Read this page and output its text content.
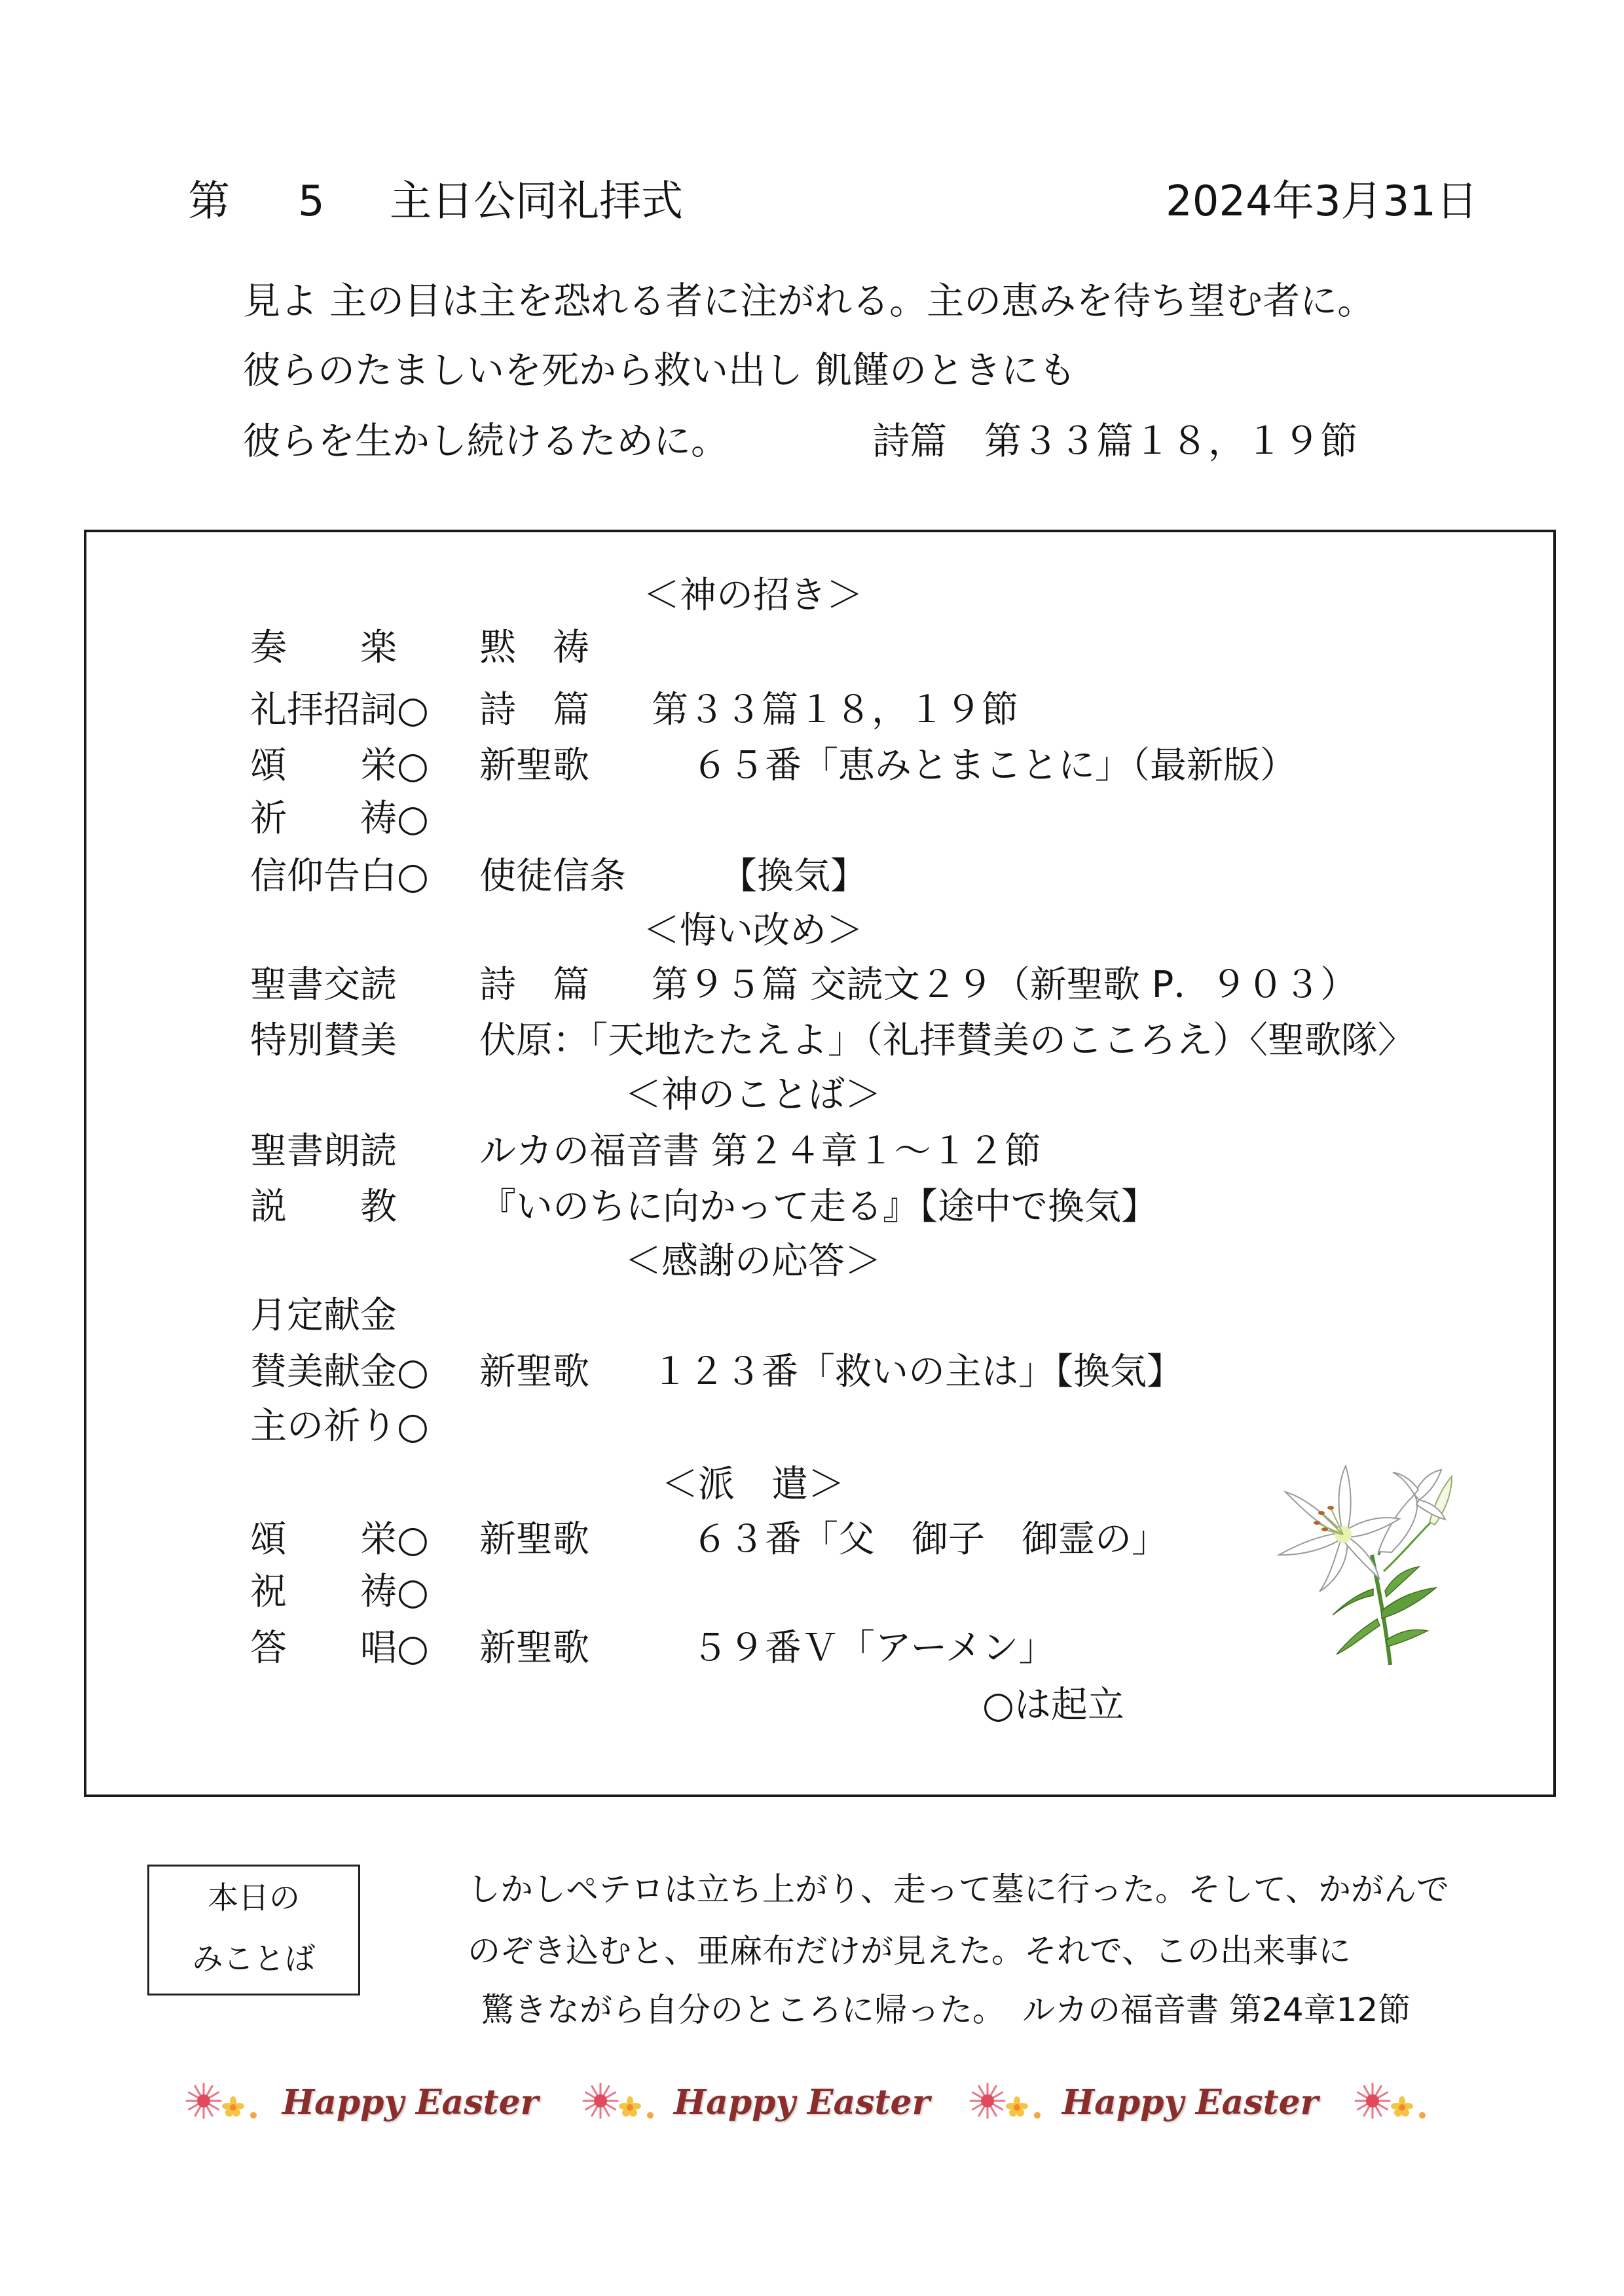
第 5 主日公同礼拝式	2024年3月31日
見よ 主の目は主を恐れる者に注がれる。主の恵みを待ち望む者に。
彼らのたましいを死から救い出し 飢饉のときにも
彼らを生かし続けるために。	詩篇　第３３篇１８，１９節
＜神の招き＞
奏　　楽 黙　祷
礼拝招詞○ 詩　篇 第３３篇１８，１９節
頌　　栄○ 新聖歌	６５番「恵みとまことに」（最新版）
祈　　祷○
信仰告白○ 使徒信条	【換気】
＜悔い改め＞
聖書交読 詩　篇 第９５篇 交読文２９（新聖歌 P．９０３）
特別賛美 伏原：「天地たたえよ」（礼拝賛美のこころえ）〈聖歌隊〉
＜神のことば＞
聖書朗読 ルカの福音書 第２４章１～１２節
説　　教 『いのちに向かって走る』【途中で換気】
＜感謝の応答＞
月定献金
賛美献金○ 新聖歌 １２３番「救いの主は」【換気】
主の祈り○
＜派　遣＞
頌　　栄○ 新聖歌	６３番「父　御子　御霊の」
祝　　祷○
答　　唱○ 新聖歌	５９番Ｖ「アーメン」
○は起立
本日の
みことば
しかしペテロは立ち上がり、走って墓に行った。そして、かがんで
のぞき込むと、亜麻布だけが見えた。それで、この出来事に
驚きながら自分のところに帰った。 ルカの福音書 第24章12節
Happy Easter	Happy Easter	Happy Easter
